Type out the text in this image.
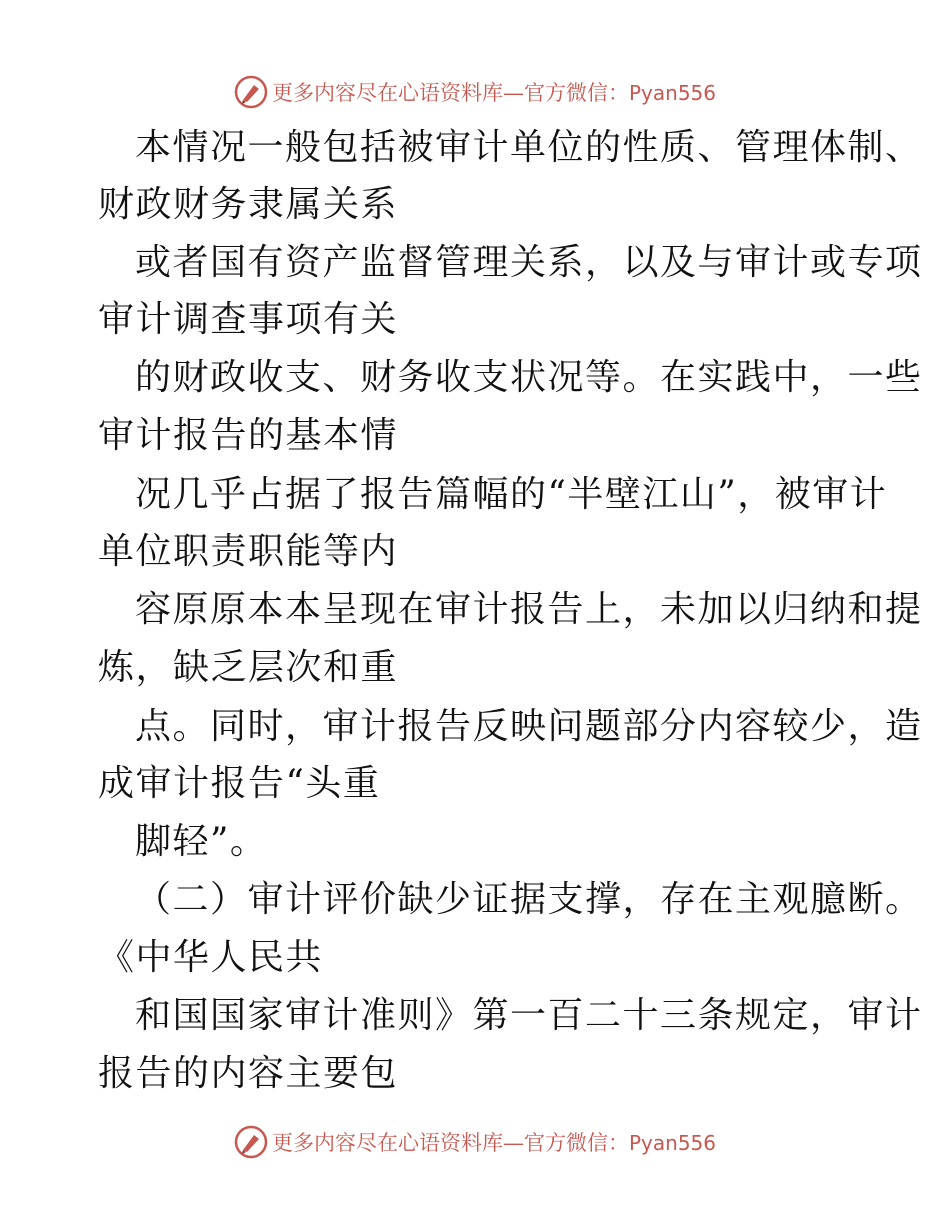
更多内容尽在心语资料库—官方微信：Pyan556
本情况一般包括被审计单位的性质、管理体制、
财政财务隶属关系
或者国有资产监督管理关系，以及与审计或专项
审计调查事项有关
的财政收支、财务收支状况等。在实践中，一些
审计报告的基本情
况几乎占据了报告篇幅的“半壁江山”，被审计
单位职责职能等内
容原原本本呈现在审计报告上，未加以归纳和提
炼，缺乏层次和重
点。同时，审计报告反映问题部分内容较少，造
成审计报告“头重
脚轻”。
（二）审计评价缺少证据支撑，存在主观臆断。
《中华人民共
和国国家审计准则》第一百二十三条规定，审计
报告的内容主要包
更多内容尽在心语资料库—官方微信：Pyan556
